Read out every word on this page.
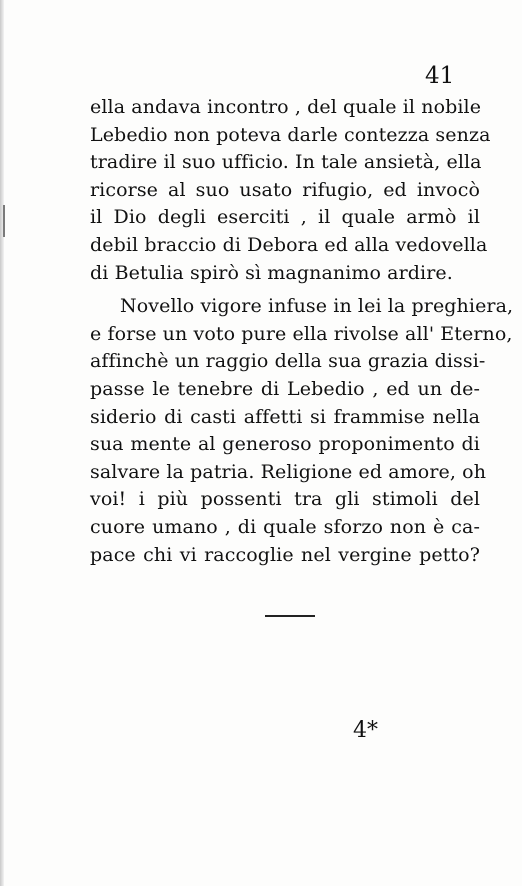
41
ella andava incontro , del quale il nobile
Lebedio non poteva darle contezza senza
tradire il suo ufficio. In tale ansietà, ella
ricorse al suo usato rifugio, ed invocò
il Dio degli eserciti , il quale armò il
debil braccio di Debora ed alla vedovella
di Betulia spirò sì magnanimo ardire.
Novello vigore infuse in lei la preghiera,
e forse un voto pure ella rivolse all' Eterno,
affinchè un raggio della sua grazia dissi-
passe le tenebre di Lebedio , ed un de-
siderio di casti affetti si frammise nella
sua mente al generoso proponimento di
salvare la patria. Religione ed amore, oh
voi! i più possenti tra gli stimoli del
cuore umano , di quale sforzo non è ca-
pace chi vi raccoglie nel vergine petto?
4*
